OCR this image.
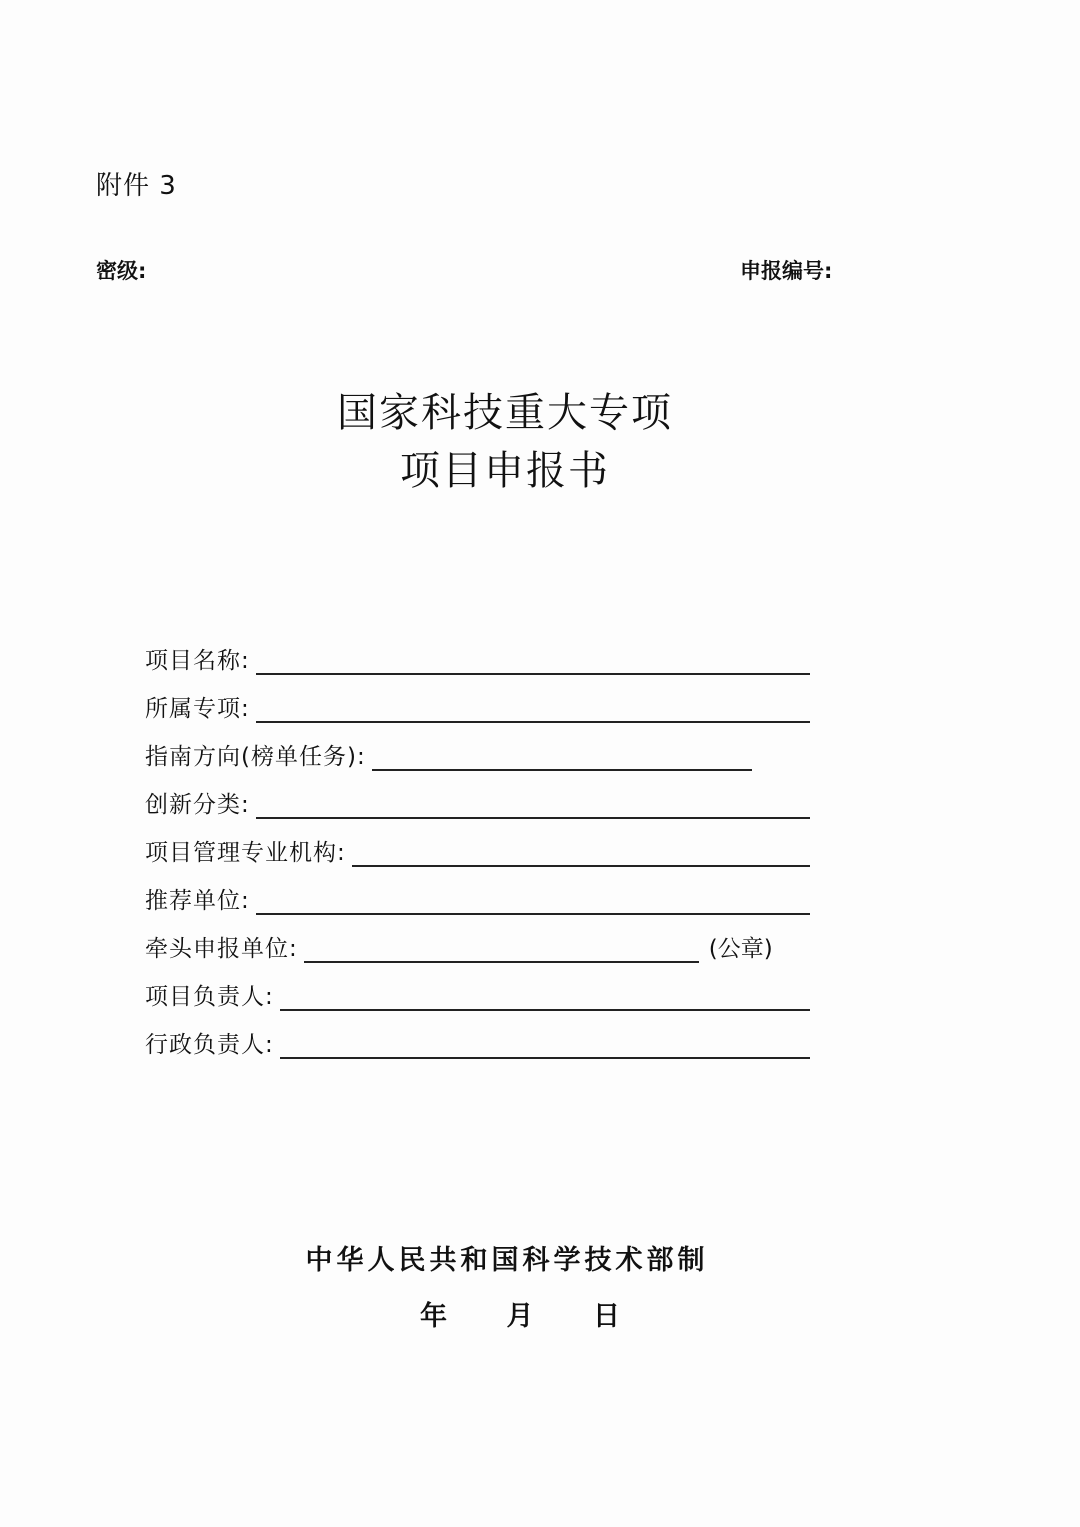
附件 3
密级:	申报编号:
国家科技重大专项
项目申报书
项目名称:
所属专项:
指南方向(榜单任务):
创新分类:
项目管理专业机构:
推荐单位:
牵头申报单位:	(公章)
项目负责人:
行政负责人:
中华人民共和国科学技术部制
年 月 日
